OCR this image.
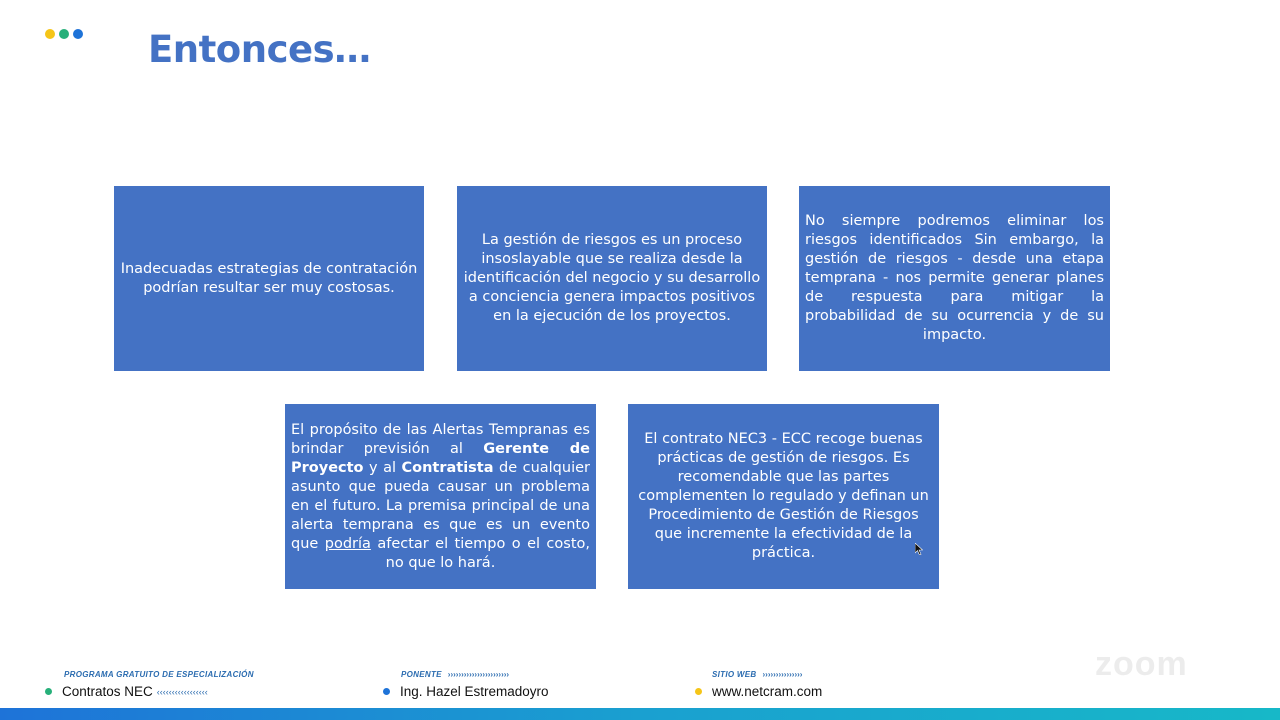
Entonces…

Inadecuadas estrategias de contratación podrían resultar ser muy costosas.

La gestión de riesgos es un proceso insoslayable que se realiza desde la identificación del negocio y su desarrollo a conciencia genera impactos positivos en la ejecución de los proyectos.

No siempre podremos eliminar los riesgos identificados Sin embargo, la gestión de riesgos - desde una etapa temprana - nos permite generar planes de respuesta para mitigar la probabilidad de su ocurrencia y de su impacto.

El propósito de las Alertas Tempranas es brindar previsión al Gerente de Proyecto y al Contratista de cualquier asunto que pueda causar un problema en el futuro. La premisa principal de una alerta temprana es que es un evento que podría afectar el tiempo o el costo, no que lo hará.

El contrato NEC3 - ECC recoge buenas prácticas de gestión de riesgos. Es recomendable que las partes complementen lo regulado y definan un Procedimiento de Gestión de Riesgos que incremente la efectividad de la práctica.

zoom
PROGRAMA GRATUITO DE ESPECIALIZACIÓN
Contratos NEC ‹‹‹‹‹‹‹‹‹‹‹‹‹‹‹‹‹
PONENTE ›››››››››››››››››››››››
Ing. Hazel Estremadoyro
SITIO WEB ›››››››››››››››
www.netcram.com
